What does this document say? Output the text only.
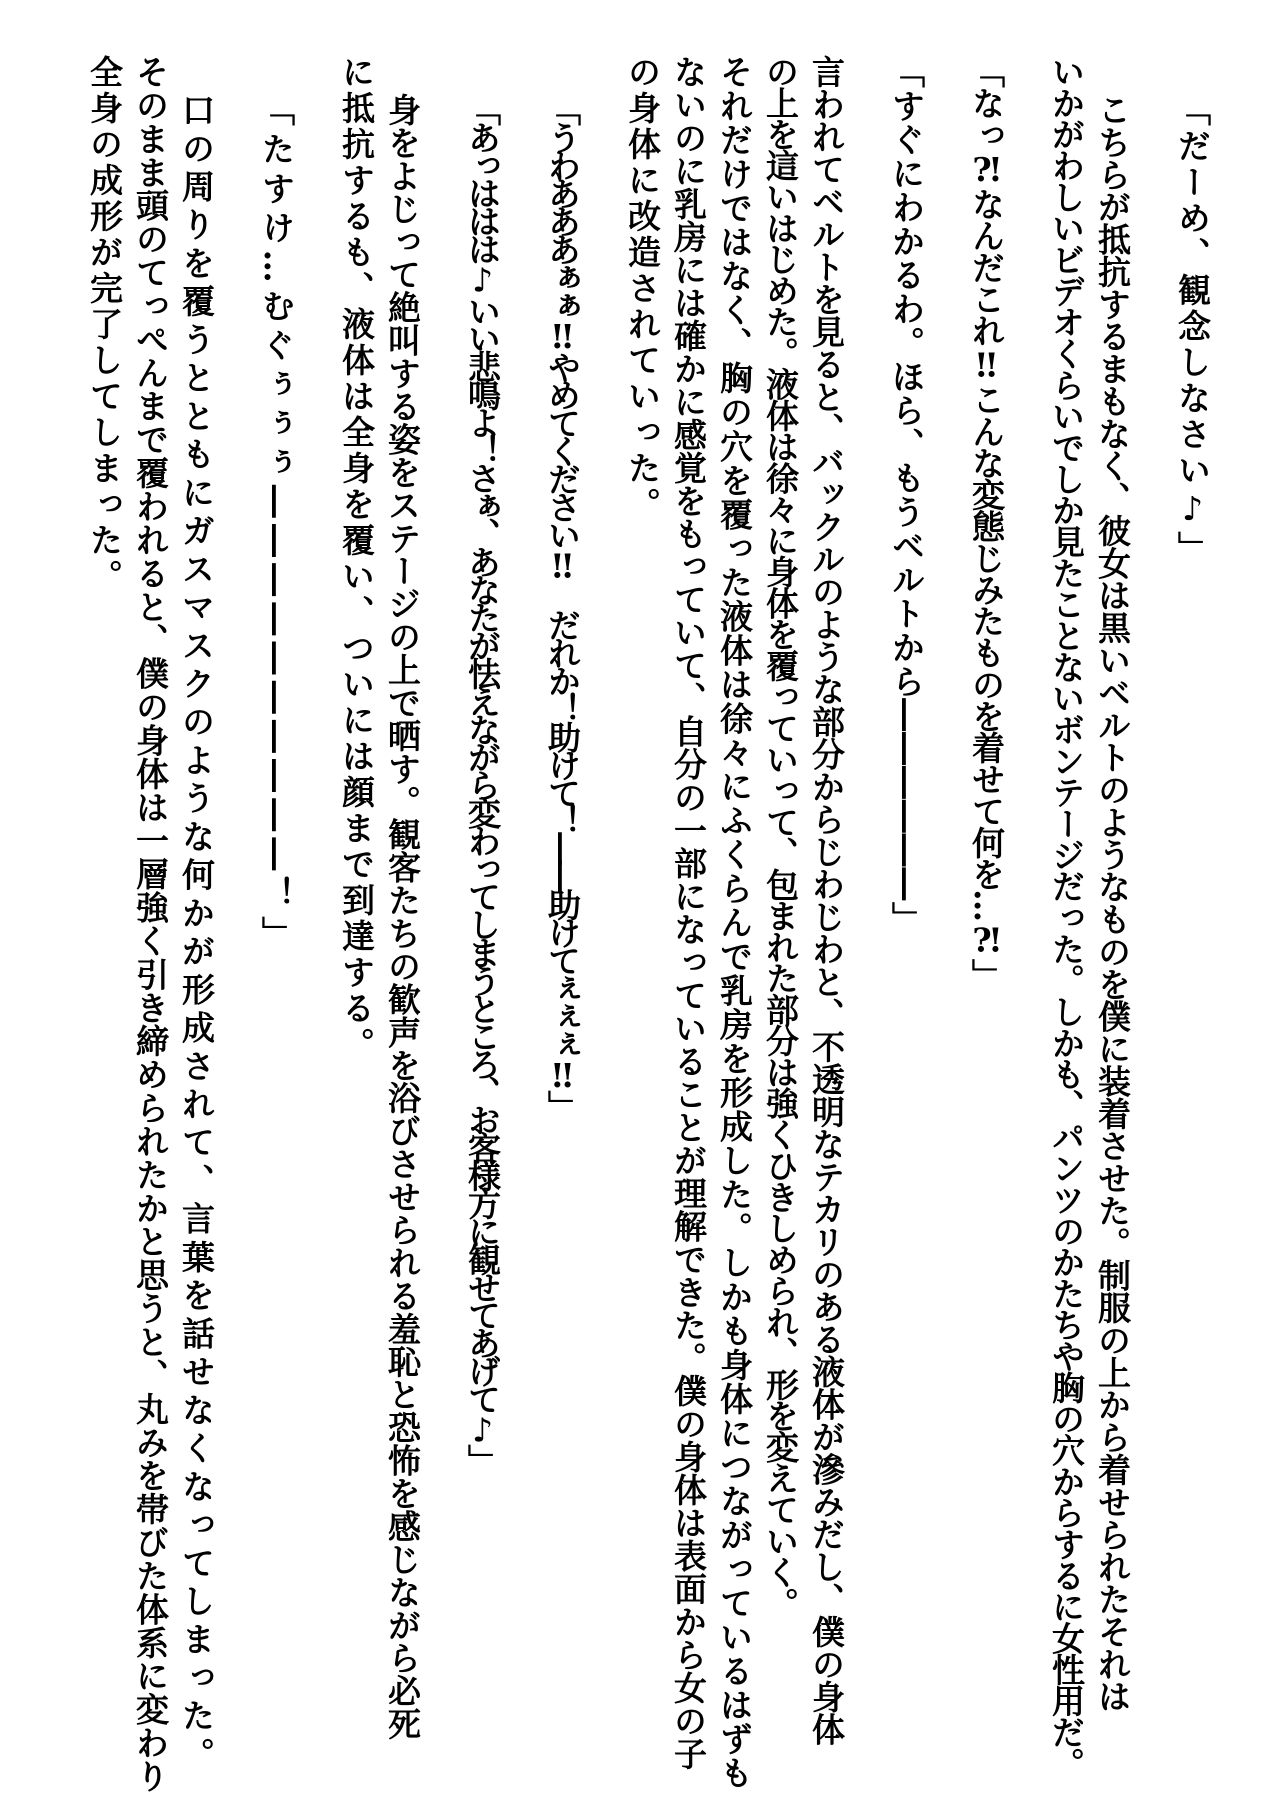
「だーめ、観念しなさい♪」
こちらが抵抗するまもなく、彼女は黒いベルトのようなものを僕に装着させた。制服の上から着せられたそれは
いかがわしいビデオくらいでしか見たことないボンテージだった。しかも、パンツのかたちや胸の穴からするに女性用だ。
「なっ⁈なんだこれ‼こんな変態じみたものを着せて何を…⁈」
「すぐにわかるわ。ほら、もうベルトから――――――」
言われてベルトを見ると、バックルのような部分からじわじわと、不透明なテカリのある液体が滲みだし、僕の身体
の上を這いはじめた。液体は徐々に身体を覆っていって、包まれた部分は強くひきしめられ、形を変えていく。
それだけではなく、胸の穴を覆った液体は徐々にふくらんで乳房を形成した。しかも身体につながっているはずも
ないのに乳房には確かに感覚をもっていて、自分の一部になっていることが理解できた。僕の身体は表面から女の子
の身体に改造されていった。
「うわあああぁぁ‼やめてください‼　だれか！助けて！――助けてぇぇぇ‼」
「あっははは♪いい悲鳴よ！さぁ、あなたが怯えながら変わってしまうところ、お客様方に観せてあげて♪」
身をよじって絶叫する姿をステージの上で晒す。観客たちの歓声を浴びさせられる羞恥と恐怖を感じながら必死
に抵抗するも、液体は全身を覆い、ついには顔まで到達する。
「たすけ…むぐぅぅぅ――――――――――！」
口の周りを覆うとともにガスマスクのような何かが形成されて、言葉を話せなくなってしまった。
そのまま頭のてっぺんまで覆われると、僕の身体は一層強く引き締められたかと思うと、丸みを帯びた体系に変わり
全身の成形が完了してしまった。
